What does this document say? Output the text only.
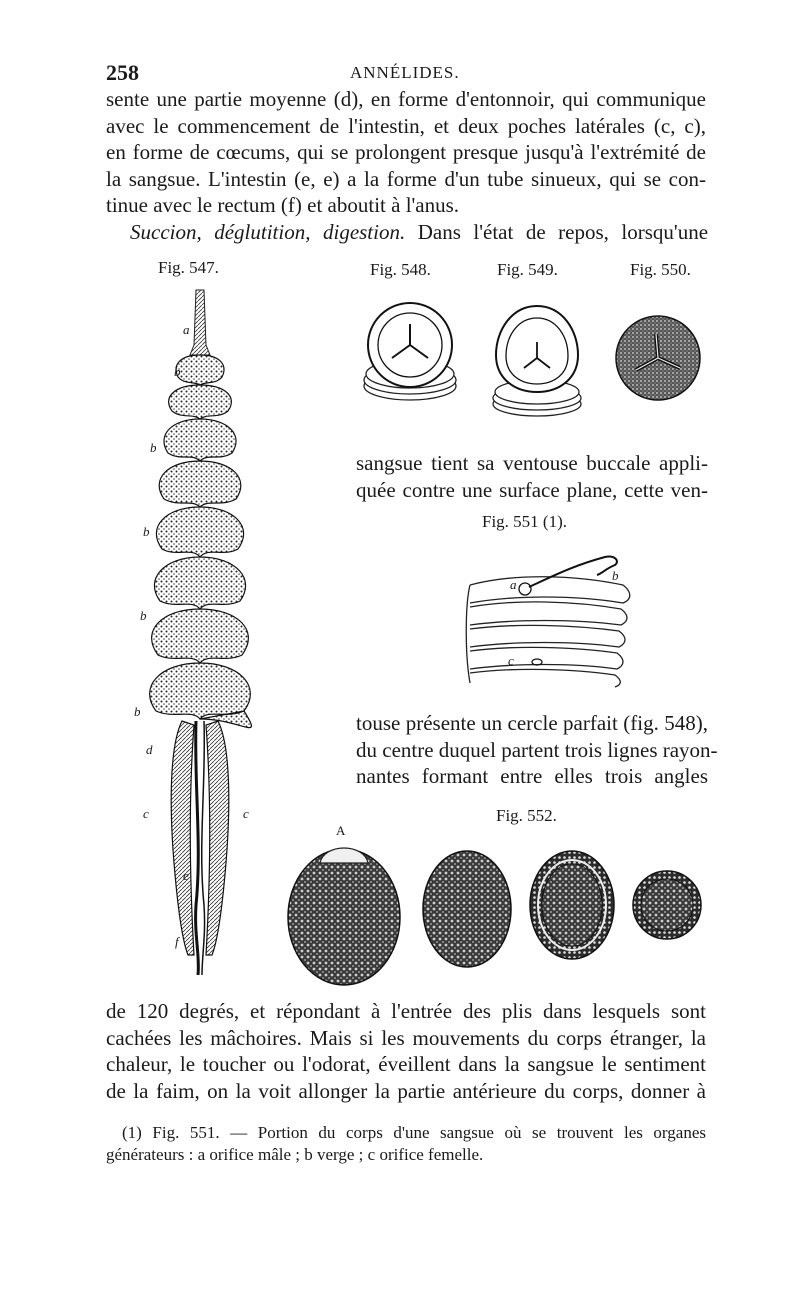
258	ANNÉLIDES.
sente une partie moyenne (d), en forme d'entonnoir, qui communique
avec le commencement de l'intestin, et deux poches latérales (c, c),
en forme de cœcums, qui se prolongent presque jusqu'à l'extrémité de
la sangsue. L'intestin (e, e) a la forme d'un tube sinueux, qui se con-
tinue avec le rectum (f) et aboutit à l'anus.
Succion, déglutition, digestion. Dans l'état de repos, lorsqu'une
Fig. 547.	Fig. 548.	Fig. 549.	Fig. 550.
a
b
b
b
b
b
d
c	c
e
f
sangsue tient sa ventouse buccale appli-
quée contre une surface plane, cette ven-
Fig. 551 (1).
a
b
c
touse présente un cercle parfait (fig. 548),
du centre duquel partent trois lignes rayon-
nantes formant entre elles trois angles
Fig. 552.
A
de 120 degrés, et répondant à l'entrée des plis dans lesquels sont
cachées les mâchoires. Mais si les mouvements du corps étranger, la
chaleur, le toucher ou l'odorat, éveillent dans la sangsue le sentiment
de la faim, on la voit allonger la partie antérieure du corps, donner à
(1) Fig. 551. — Portion du corps d'une sangsue où se trouvent les organes
générateurs : a orifice mâle ; b verge ; c orifice femelle.
